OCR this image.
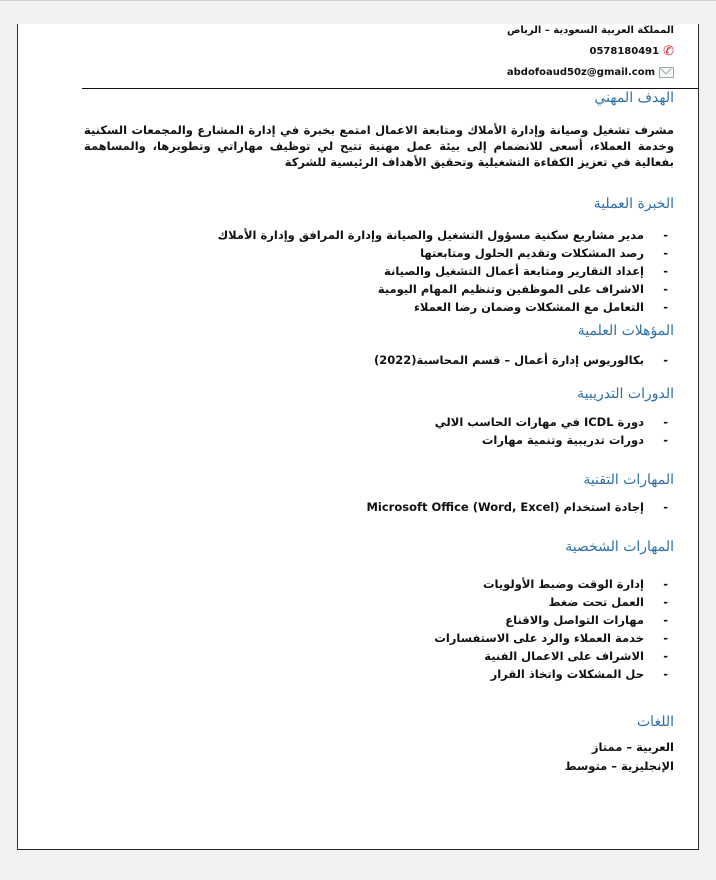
المملكة العربية السعودية – الرياض
✆
0578180491
abdofoaud50z@gmail.com
الهدف المهني
مشرف تشغيل وصيانة وإدارة الأملاك ومتابعة الاعمال امتمع بخبرة في إدارة المشارع والمجمعات السكنية وخدمة العملاء، أسعى للانضمام إلى بيئة عمل مهنية تتيح لي توظيف مهاراتي وتطويرها، والمساهمة بفعالية في تعزيز الكفاءة التشغيلية وتحقيق الأهداف الرئيسية للشركة
الخبرة العملية
- مدير مشاريع سكنية مسؤول التشغيل والصيانة وإدارة المرافق وإدارة الأملاك
- رصد المشكلات وتقديم الحلول ومتابعتها
- إعداد التقارير ومتابعة أعمال التشغيل والصيانة
- الاشراف على الموظفين وتنظيم المهام اليومية
- التعامل مع المشكلات وضمان رضا العملاء
المؤهلات العلمية
- بكالوريوس إدارة أعمال – قسم المحاسبة(2022)
الدورات التدريبية
- دورة ICDL في مهارات الحاسب الالي
- دورات تدريبية وتنمية مهارات
المهارات التقنية
- إجادة استخدام Microsoft Office (Word, Excel)
المهارات الشخصية
- إدارة الوقت وضبط الأولويات
- العمل تحت ضغط
- مهارات التواصل والاقناع
- خدمة العملاء والرد على الاستفسارات
- الاشراف على الاعمال الفنية
- حل المشكلات واتخاذ القرار
اللغات
العربية – ممتاز
الإنجليزية – متوسط
